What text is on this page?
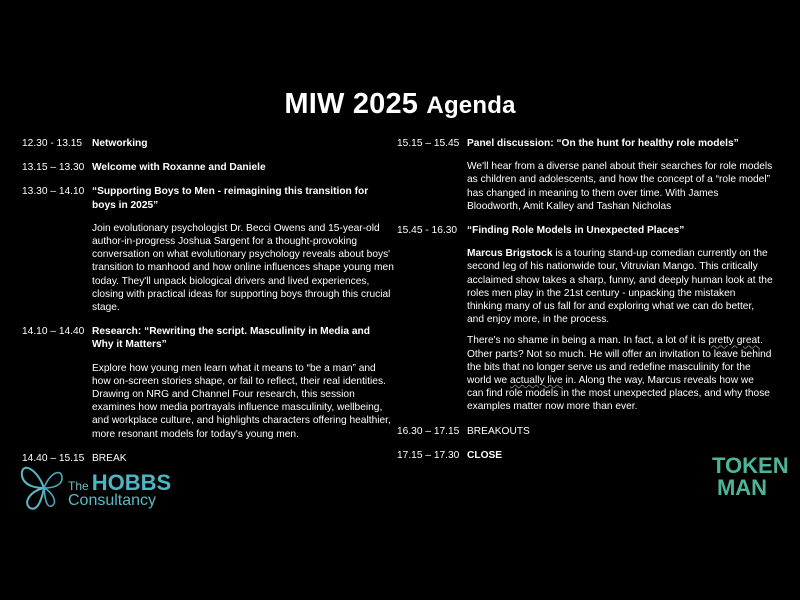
MIW 2025 Agenda
12.30 - 13.15 Networking
13.15 – 13.30 Welcome with Roxanne and Daniele
13.30 – 14.10 “Supporting Boys to Men - reimagining this transition for boys in 2025”
Join evolutionary psychologist Dr. Becci Owens and 15-year-old author-in-progress Joshua Sargent for a thought-provoking conversation on what evolutionary psychology reveals about boys' transition to manhood and how online influences shape young men today. They'll unpack biological drivers and lived experiences, closing with practical ideas for supporting boys through this crucial stage.
14.10 – 14.40 Research: “Rewriting the script. Masculinity in Media and Why it Matters”
Explore how young men learn what it means to “be a man” and how on-screen stories shape, or fail to reflect, their real identities. Drawing on NRG and Channel Four research, this session examines how media portrayals influence masculinity, wellbeing, and workplace culture, and highlights characters offering healthier, more resonant models for today's young men.
14.40 – 15.15 BREAK
15.15 – 15.45 Panel discussion: “On the hunt for healthy role models”
We'll hear from a diverse panel about their searches for role models as children and adolescents, and how the concept of a “role model” has changed in meaning to them over time. With James Bloodworth, Amit Kalley and Tashan Nicholas
15.45 - 16.30 “Finding Role Models in Unexpected Places”
Marcus Brigstock is a touring stand-up comedian currently on the second leg of his nationwide tour, Vitruvian Mango. This critically acclaimed show takes a sharp, funny, and deeply human look at the roles men play in the 21st century - unpacking the mistaken thinking many of us fall for and exploring what we can do better, and enjoy more, in the process.
There's no shame in being a man. In fact, a lot of it is pretty great. Other parts? Not so much. He will offer an invitation to leave behind the bits that no longer serve us and redefine masculinity for the world we actually live in. Along the way, Marcus reveals how we can find role models in the most unexpected places, and why those examples matter now more than ever.
16.30 – 17.15 BREAKOUTS
17.15 – 17.30 CLOSE
The HOBBS
Consultancy
TOKEN
MAN
